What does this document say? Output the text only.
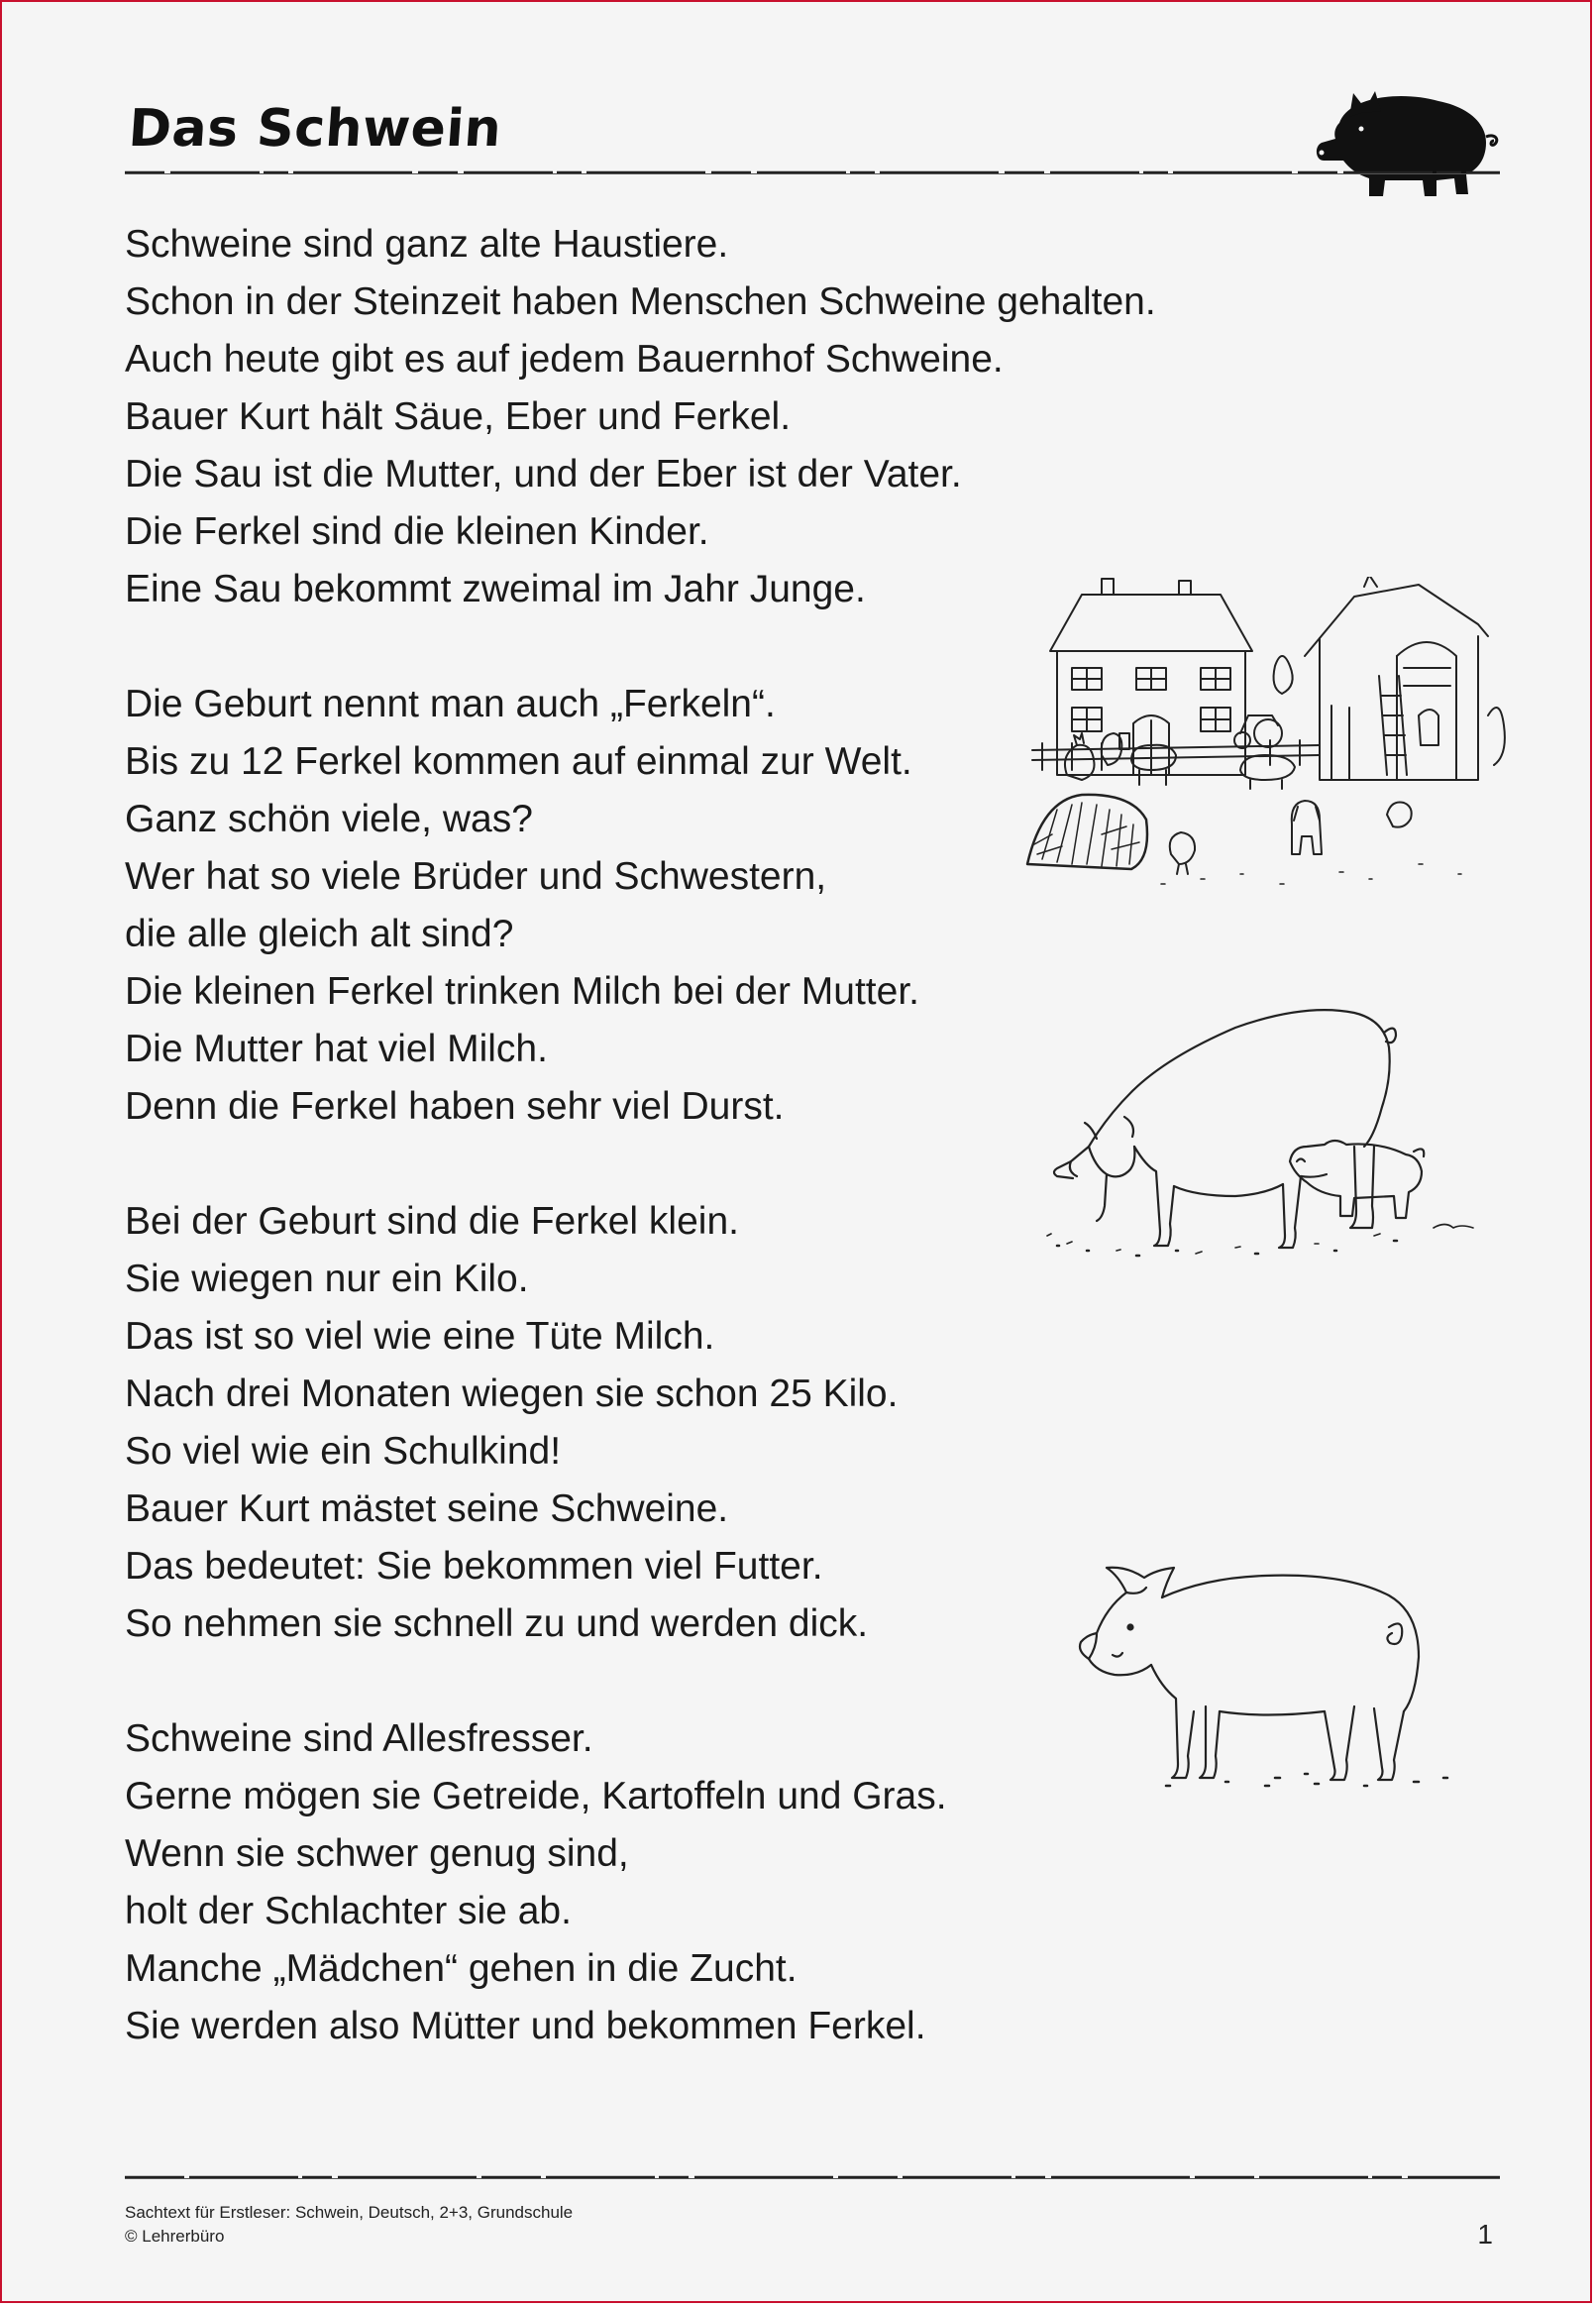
Das Schwein
Schweine sind ganz alte Haustiere.
Schon in der Steinzeit haben Menschen Schweine gehalten.
Auch heute gibt es auf jedem Bauernhof Schweine.
Bauer Kurt hält Säue, Eber und Ferkel.
Die Sau ist die Mutter, und der Eber ist der Vater.
Die Ferkel sind die kleinen Kinder.
Eine Sau bekommt zweimal im Jahr Junge.
Die Geburt nennt man auch „Ferkeln“.
Bis zu 12 Ferkel kommen auf einmal zur Welt.
Ganz schön viele, was?
Wer hat so viele Brüder und Schwestern,
die alle gleich alt sind?
Die kleinen Ferkel trinken Milch bei der Mutter.
Die Mutter hat viel Milch.
Denn die Ferkel haben sehr viel Durst.
Bei der Geburt sind die Ferkel klein.
Sie wiegen nur ein Kilo.
Das ist so viel wie eine Tüte Milch.
Nach drei Monaten wiegen sie schon 25 Kilo.
So viel wie ein Schulkind!
Bauer Kurt mästet seine Schweine.
Das bedeutet: Sie bekommen viel Futter.
So nehmen sie schnell zu und werden dick.
Schweine sind Allesfresser.
Gerne mögen sie Getreide, Kartoffeln und Gras.
Wenn sie schwer genug sind,
holt der Schlachter sie ab.
Manche „Mädchen“ gehen in die Zucht.
Sie werden also Mütter und bekommen Ferkel.
Sachtext für Erstleser: Schwein, Deutsch, 2+3, Grundschule
© Lehrerbüro	1
